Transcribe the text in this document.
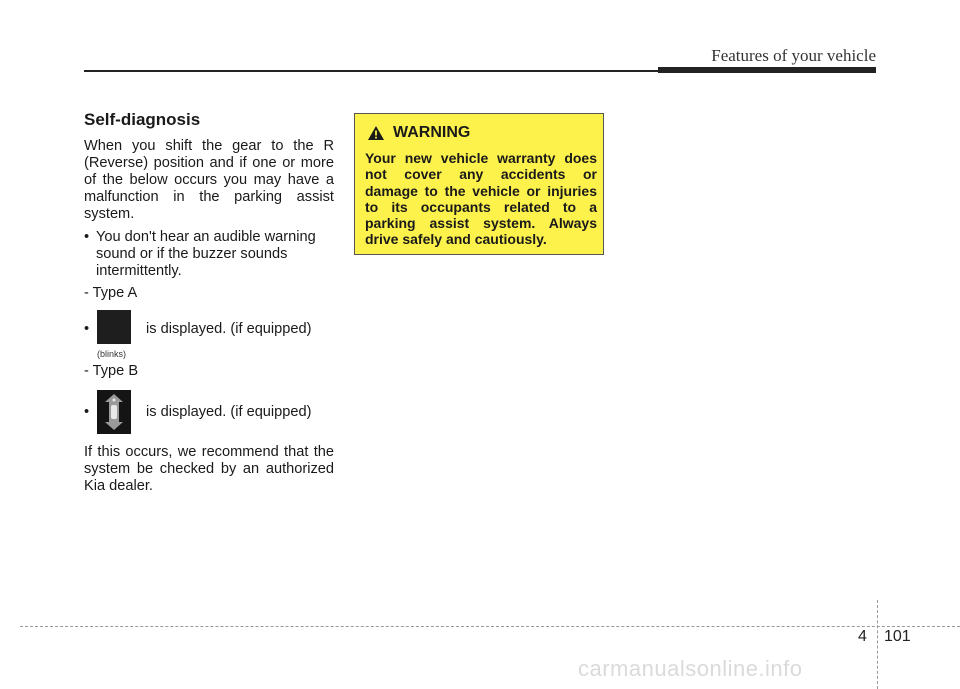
Features of your vehicle
Self-diagnosis

When you shift the gear to the R (Reverse) position and if one or more of the below occurs you may have a malfunction in the parking assist system.

• You don't hear an audible warning sound or if the buzzer sounds intermittently.
- Type A
•
(blinks)
is displayed. (if equipped)
- Type B
•	is displayed. (if equipped)

If this occurs, we recommend that the system be checked by an authorized Kia dealer.

WARNING
Your new vehicle warranty does not cover any accidents or damage to the vehicle or injuries to its occupants related to a parking assist system. Always drive safely and cautiously.
4 101
carmanualsonline.info
